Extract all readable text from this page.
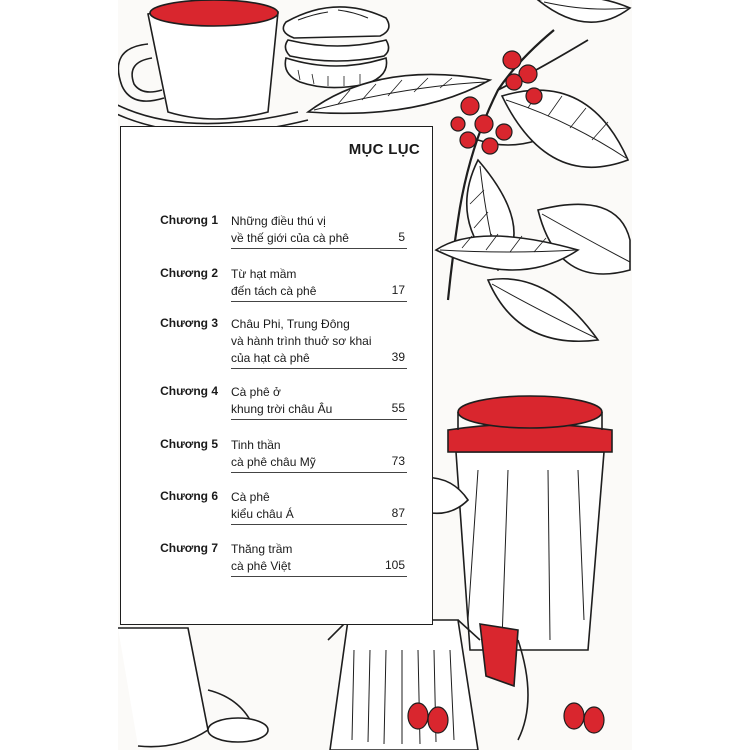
MỤC LỤC
Chương 1 Những điều thú vị
về thế giới của cà phê	5
Chương 2 Từ hạt mầm
đến tách cà phê	17
Chương 3 Châu Phi, Trung Đông
và hành trình thuở sơ khai
của hạt cà phê	39
Chương 4 Cà phê ở
khung trời châu Âu	55
Chương 5 Tinh thần
cà phê châu Mỹ	73
Chương 6 Cà phê
kiểu châu Á	87
Chương 7 Thăng trầm
cà phê Việt	105
